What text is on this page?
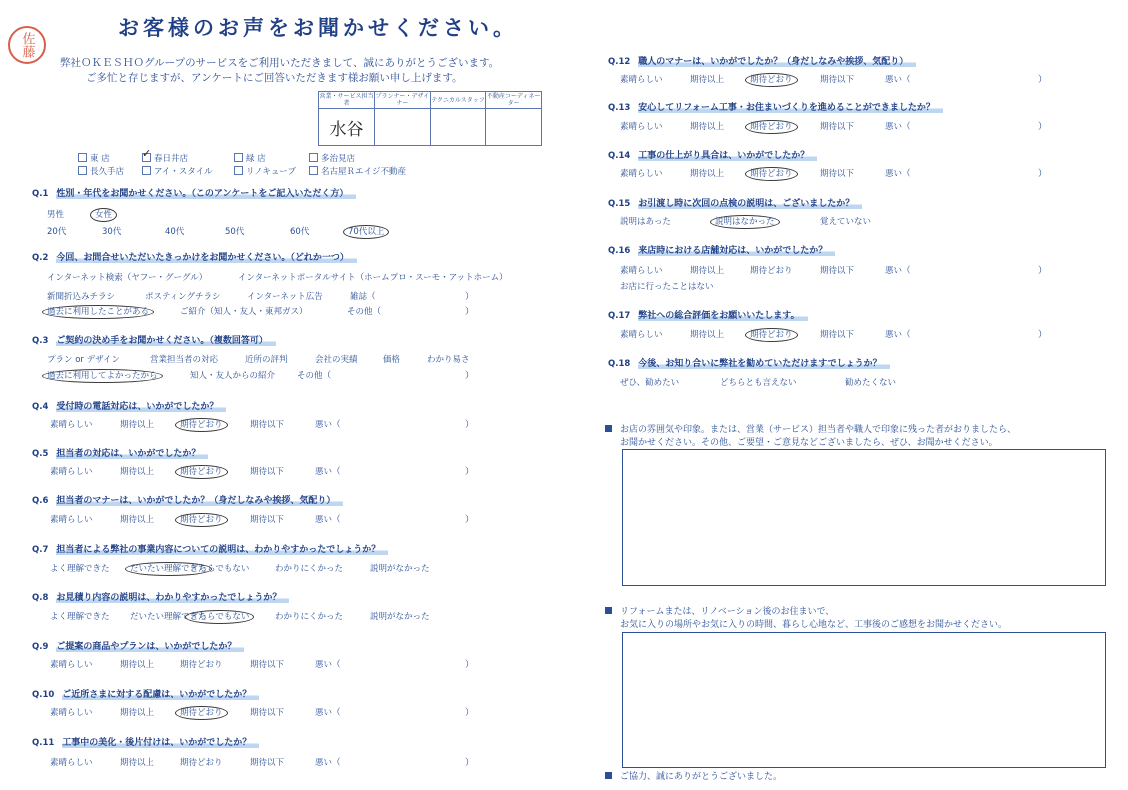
佐藤
お客様のお声をお聞かせください。
弊社ＯＫＥＳＨＯグループのサービスをご利用いただきまして、誠にありがとうございます。
ご多忙と存じますが、アンケートにご回答いただきます様お願い申し上げます。
営業・サービス担当者	プランナー・デザイナー	テクニカルスタッフ	不動産コーディネーター
水谷			
東 店 ✓	春日井店	緑 店	多治見店
長久手店	アイ・スタイル	リノキューブ	名古屋Ｒエイジ不動産
Q.1 性別・年代をお聞かせください。（このアンケートをご記入いただく方）
男性	女性
20代	30代	40代	50代	60代	70代以上
Q.2 今回、お問合せいただいたきっかけをお聞かせください。（どれか一つ）
インターネット検索（ヤフー・グーグル）	インターネットポータルサイト（ホームプロ・スーモ・アットホーム）
新聞折込みチラシ	ポスティングチラシ	インターネット広告	雑誌（	）
過去に利用したことがある	ご紹介（知人・友人・東邦ガス）	その他（	）
Q.3 ご契約の決め手をお聞かせください。（複数回答可）
プラン or デザイン	営業担当者の対応	近所の評判	会社の実績	価格	わかり易さ
過去に利用してよかったから	知人・友人からの紹介	その他（	）
Q.4 受付時の電話対応は、いかがでしたか？
素晴らしい	期待以上	期待どおり	期待以下	悪い（	）
Q.5 担当者の対応は、いかがでしたか？
素晴らしい	期待以上	期待どおり	期待以下	悪い（	）
Q.6 担当者のマナーは、いかがでしたか？（身だしなみや挨拶、気配り）
素晴らしい	期待以上	期待どおり	期待以下	悪い（	）
Q.7 担当者による弊社の事業内容についての説明は、わかりやすかったでしょうか？
よく理解できた だいたい理解できた
どちらでもない	わかりにくかった	説明がなかった
Q.8 お見積り内容の説明は、わかりやすかったでしょうか？
よく理解できた だいたい理解できた
どちらでもない	わかりにくかった	説明がなかった
Q.9 ご提案の商品やプランは、いかがでしたか？
素晴らしい	期待以上	期待どおり	期待以下	悪い（	）
Q.10 ご近所さまに対する配慮は、いかがでしたか？
素晴らしい	期待以上	期待どおり	期待以下	悪い（	）
Q.11 工事中の美化・後片付けは、いかがでしたか？
素晴らしい	期待以上	期待どおり	期待以下	悪い（	）
Q.12 職人のマナーは、いかがでしたか？（身だしなみや挨拶、気配り）
素晴らしい	期待以上	期待どおり	期待以下	悪い（	）
Q.13 安心してリフォーム工事・お住まいづくりを進めることができましたか？
素晴らしい	期待以上	期待どおり	期待以下	悪い（	）
Q.14 工事の仕上がり具合は、いかがでしたか？
素晴らしい	期待以上	期待どおり	期待以下	悪い（	）
Q.15 お引渡し時に次回の点検の説明は、ございましたか？
説明はあった	説明はなかった	覚えていない
Q.16 来店時における店舗対応は、いかがでしたか？
素晴らしい	期待以上	期待どおり	期待以下	悪い（	）
お店に行ったことはない
Q.17 弊社への総合評価をお願いいたします。
素晴らしい	期待以上	期待どおり	期待以下	悪い（	）
Q.18 今後、お知り合いに弊社を勧めていただけますでしょうか？
ぜひ、勧めたい	どちらとも言えない	勧めたくない
お店の雰囲気や印象。または、営業（サービス）担当者や職人で印象に残った者がおりましたら、
お聞かせください。その他、ご要望・ご意見などございましたら、ぜひ、お聞かせください。
リフォームまたは、リノベーション後のお住まいで、
お気に入りの場所やお気に入りの時間、暮らし心地など、工事後のご感想をお聞かせください。
ご協力、誠にありがとうございました。
